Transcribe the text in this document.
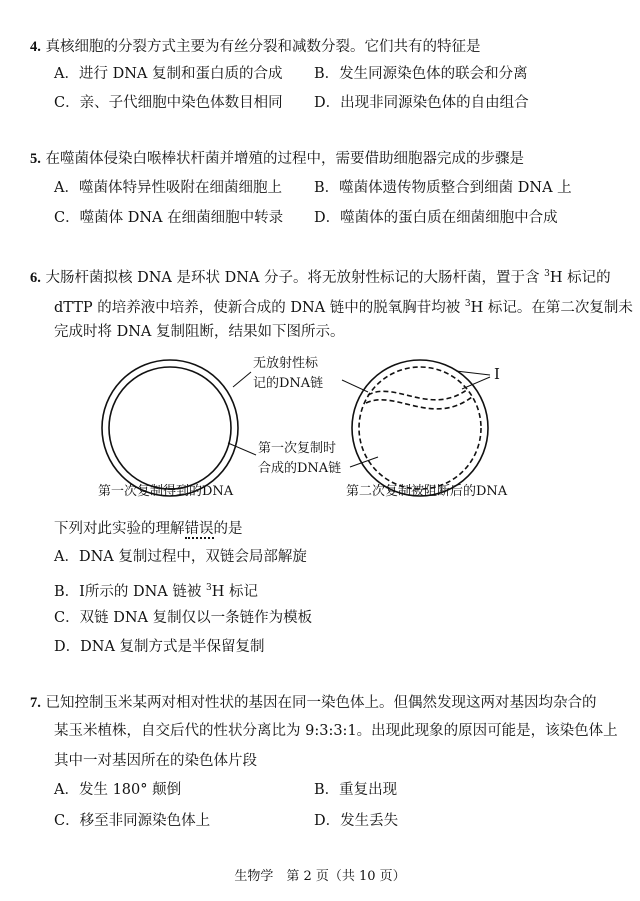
4. 真核细胞的分裂方式主要为有丝分裂和减数分裂。它们共有的特征是
A．进行 DNA 复制和蛋白质的合成 B．发生同源染色体的联会和分离
C．亲、子代细胞中染色体数目相同 D．出现非同源染色体的自由组合
5. 在噬菌体侵染白喉棒状杆菌并增殖的过程中，需要借助细胞器完成的步骤是
A．噬菌体特异性吸附在细菌细胞上 B．噬菌体遗传物质整合到细菌 DNA 上
C．噬菌体 DNA 在细菌细胞中转录 D．噬菌体的蛋白质在细菌细胞中合成
6. 大肠杆菌拟核 DNA 是环状 DNA 分子。将无放射性标记的大肠杆菌，置于含 $^3$H 标记的
dTTP 的培养液中培养，使新合成的 DNA 链中的脱氧胸苷均被 $^3$H 标记。在第二次复制未
完成时将 DNA 复制阻断，结果如下图所示。
无放射性标
记的DNA链
第一次复制时
合成的DNA链
Ⅰ
第一次复制得到的DNA	第二次复制被阻断后的DNA
下列对此实验的理解错误的是
A．DNA 复制过程中，双链会局部解旋
B．Ⅰ所示的 DNA 链被 $^3$H 标记
C．双链 DNA 复制仅以一条链作为模板
D．DNA 复制方式是半保留复制
7. 已知控制玉米某两对相对性状的基因在同一染色体上。但偶然发现这两对基因均杂合的
某玉米植株，自交后代的性状分离比为 9:3:3:1。出现此现象的原因可能是，该染色体上
其中一对基因所在的染色体片段
A．发生 180° 颠倒	B．重复出现
C．移至非同源染色体上	D．发生丢失
生物学　第 2 页（共 10 页）
